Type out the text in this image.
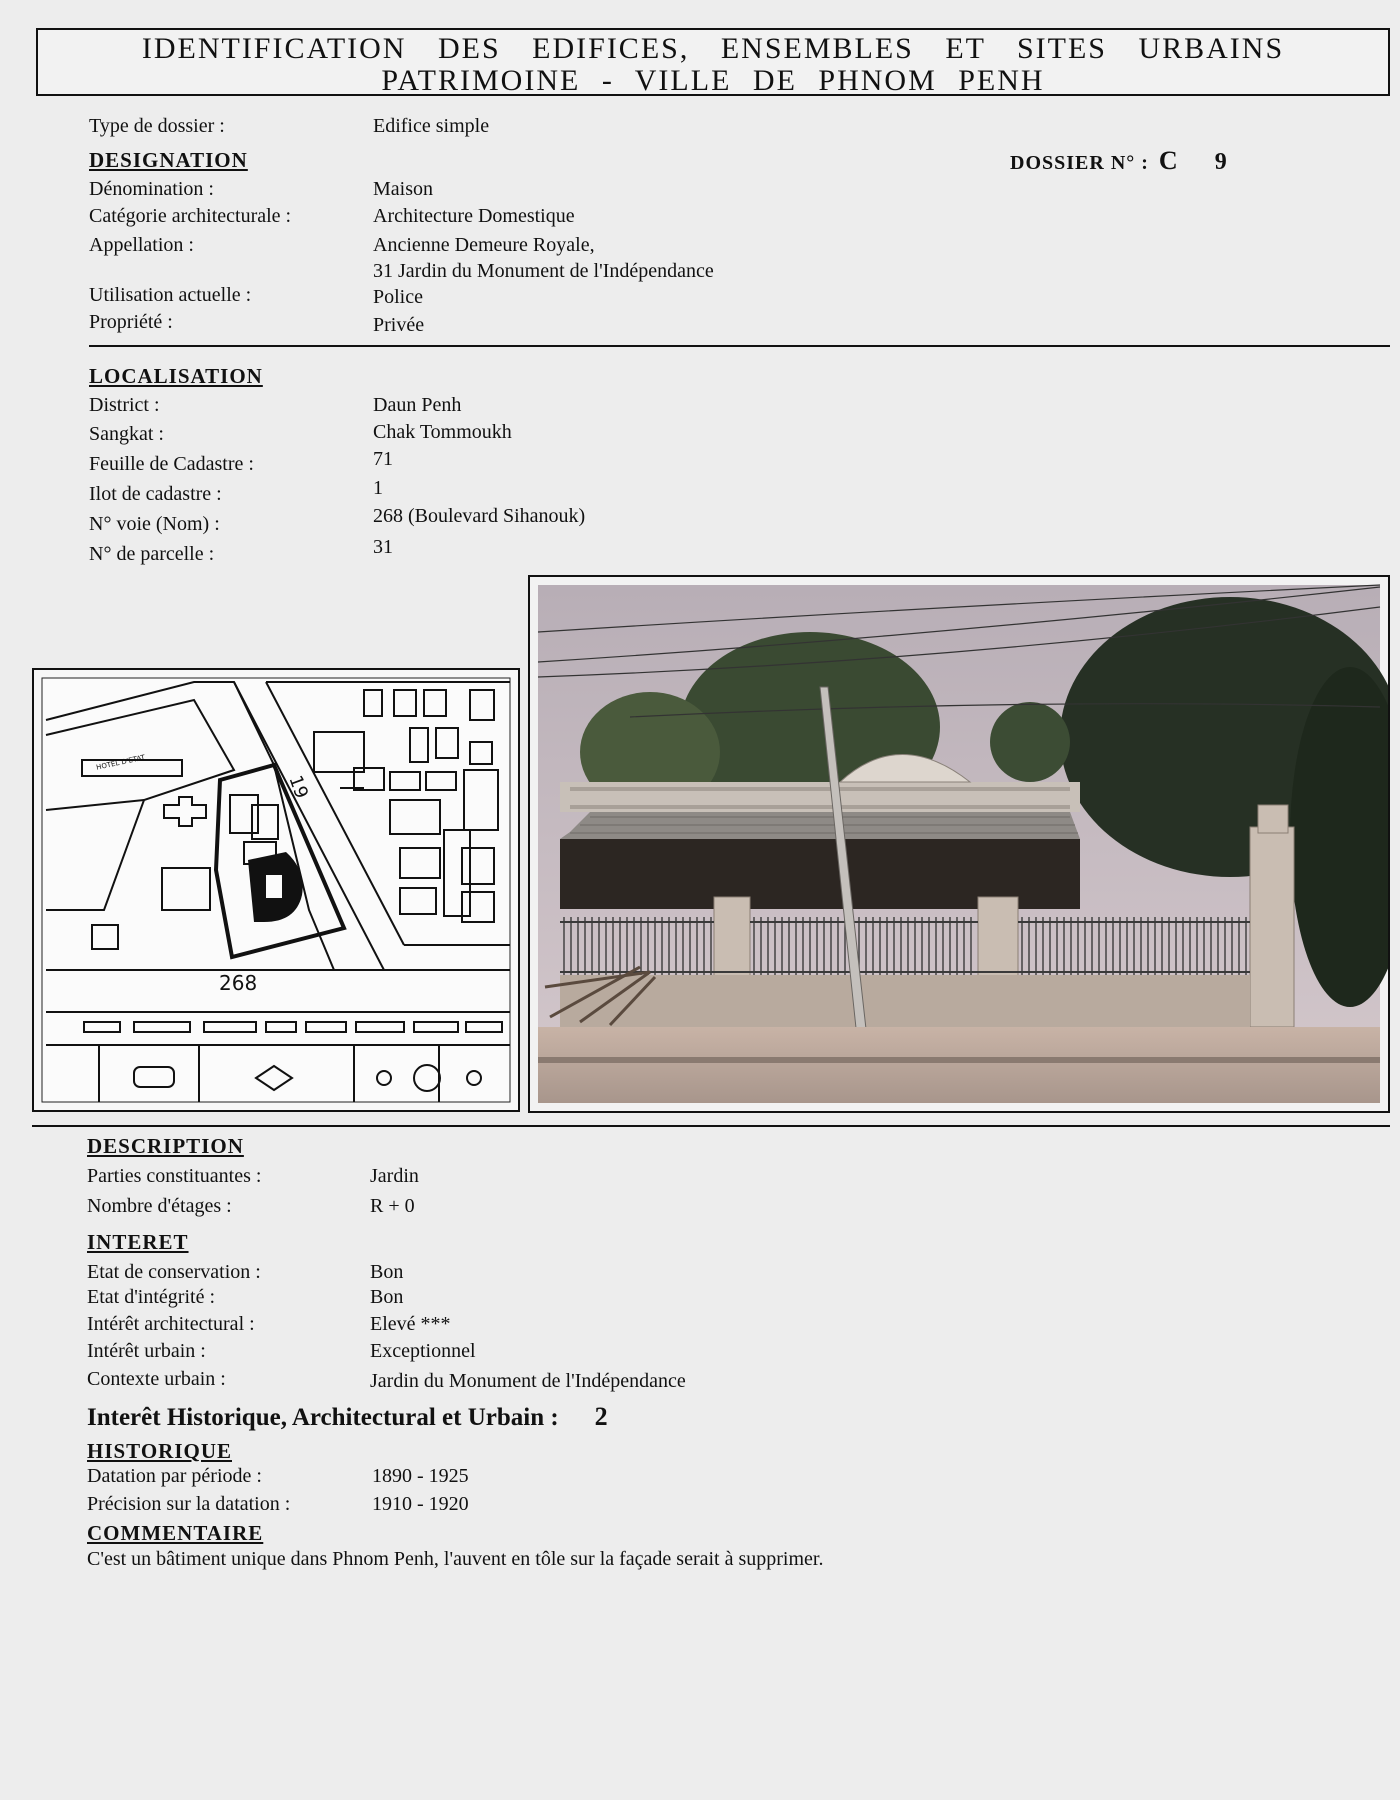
IDENTIFICATION DES EDIFICES, ENSEMBLES ET SITES URBAINS
PATRIMOINE - VILLE DE PHNOM PENH
Type de dossier :	Edifice simple
DESIGNATION	DOSSIER N° : C 9
Dénomination :	Maison
Catégorie architecturale :	Architecture Domestique
Appellation :	Ancienne Demeure Royale,
31 Jardin du Monument de l'Indépendance
Utilisation actuelle :	Police
Propriété :	Privée
LOCALISATION
District :	Daun Penh
Sangkat :	Chak Tommoukh
Feuille de Cadastre :	71
Ilot de cadastre :	1
N° voie (Nom) :	268 (Boulevard Sihanouk)
N° de parcelle :	31
268
19
HOTEL D'ETAT
DESCRIPTION
Parties constituantes :	Jardin
Nombre d'étages :	R + 0
INTERET
Etat de conservation :	Bon
Etat d'intégrité :	Bon
Intérêt architectural :	Elevé ***
Intérêt urbain :	Exceptionnel
Contexte urbain :	Jardin du Monument de l'Indépendance
Interêt Historique, Architectural et Urbain : 2
HISTORIQUE
Datation par période :	1890 - 1925
Précision sur la datation :	1910 - 1920
COMMENTAIRE
C'est un bâtiment unique dans Phnom Penh, l'auvent en tôle sur la façade serait à supprimer.
